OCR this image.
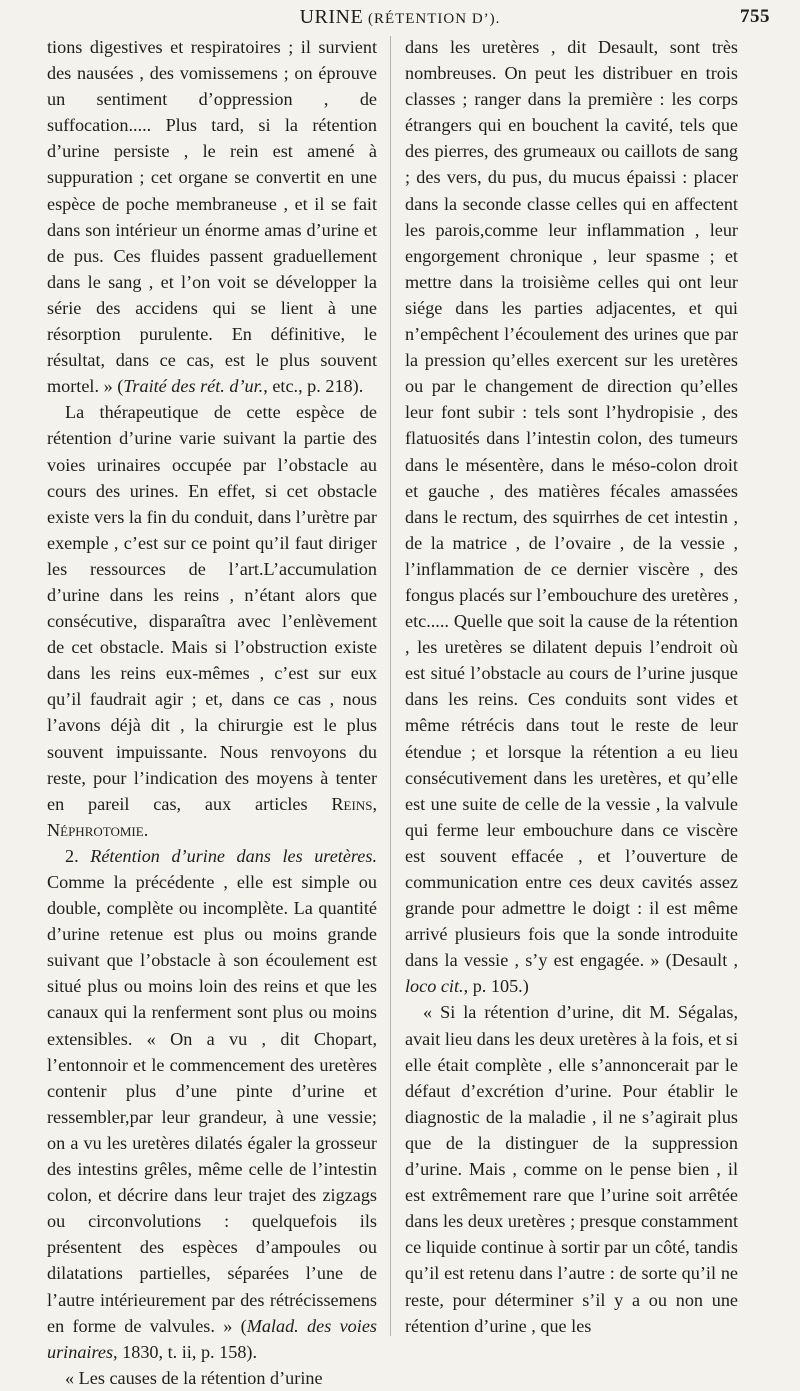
URINE (RÉTENTION D’).	755

tions digestives et respiratoires ; il survient des nausées , des vomissemens ; on éprouve un sentiment d’oppression , de suffocation..... Plus tard, si la rétention d’urine persiste , le rein est amené à suppuration ; cet organe se convertit en une espèce de poche membraneuse , et il se fait dans son intérieur un énorme amas d’urine et de pus. Ces fluides passent graduellement dans le sang , et l’on voit se développer la série des accidens qui se lient à une résorption purulente. En définitive, le résultat, dans ce cas, est le plus souvent mortel. » (Traité des rét. d’ur., etc., p. 218).

La thérapeutique de cette espèce de rétention d’urine varie suivant la partie des voies urinaires occupée par l’obstacle au cours des urines. En effet, si cet obstacle existe vers la fin du conduit, dans l’urètre par exemple , c’est sur ce point qu’il faut diriger les ressources de l’art.L’accumulation d’urine dans les reins , n’étant alors que consécutive, disparaîtra avec l’enlèvement de cet obstacle. Mais si l’obstruction existe dans les reins eux-mêmes , c’est sur eux qu’il faudrait agir ; et, dans ce cas , nous l’avons déjà dit , la chirurgie est le plus souvent impuissante. Nous renvoyons du reste, pour l’indication des moyens à tenter en pareil cas, aux articles Reins, Néphrotomie.

2. Rétention d’urine dans les uretères. Comme la précédente , elle est simple ou double, complète ou incomplète. La quantité d’urine retenue est plus ou moins grande suivant que l’obstacle à son écoulement est situé plus ou moins loin des reins et que les canaux qui la renferment sont plus ou moins extensibles. « On a vu , dit Chopart, l’entonnoir et le commencement des uretères contenir plus d’une pinte d’urine et ressembler,par leur grandeur, à une vessie; on a vu les uretères dilatés égaler la grosseur des intestins grêles, même celle de l’intestin colon, et décrire dans leur trajet des zigzags ou circonvolutions : quelquefois ils présentent des espèces d’ampoules ou dilatations partielles, séparées l’une de l’autre intérieurement par des rétrécissemens en forme de valvules. » (Malad. des voies urinaires, 1830, t. ii, p. 158).

« Les causes de la rétention d’urine

dans les uretères , dit Desault, sont très nombreuses. On peut les distribuer en trois classes ; ranger dans la première : les corps étrangers qui en bouchent la cavité, tels que des pierres, des grumeaux ou caillots de sang ; des vers, du pus, du mucus épaissi : placer dans la seconde classe celles qui en affectent les parois,comme leur inflammation , leur engorgement chronique , leur spasme ; et mettre dans la troisième celles qui ont leur siége dans les parties adjacentes, et qui n’empêchent l’écoulement des urines que par la pression qu’elles exercent sur les uretères ou par le changement de direction qu’elles leur font subir : tels sont l’hydropisie , des flatuosités dans l’intestin colon, des tumeurs dans le mésentère, dans le méso-colon droit et gauche , des matières fécales amassées dans le rectum, des squirrhes de cet intestin , de la matrice , de l’ovaire , de la vessie , l’inflammation de ce dernier viscère , des fongus placés sur l’embouchure des uretères , etc..... Quelle que soit la cause de la rétention , les uretères se dilatent depuis l’endroit où est situé l’obstacle au cours de l’urine jusque dans les reins. Ces conduits sont vides et même rétrécis dans tout le reste de leur étendue ; et lorsque la rétention a eu lieu consécutivement dans les uretères, et qu’elle est une suite de celle de la vessie , la valvule qui ferme leur embouchure dans ce viscère est souvent effacée , et l’ouverture de communication entre ces deux cavités assez grande pour admettre le doigt : il est même arrivé plusieurs fois que la sonde introduite dans la vessie , s’y est engagée. » (Desault , loco cit., p. 105.)

« Si la rétention d’urine, dit M. Ségalas, avait lieu dans les deux uretères à la fois, et si elle était complète , elle s’annoncerait par le défaut d’excrétion d’urine. Pour établir le diagnostic de la maladie , il ne s’agirait plus que de la distinguer de la suppression d’urine. Mais , comme on le pense bien , il est extrêmement rare que l’urine soit arrêtée dans les deux uretères ; presque constamment ce liquide continue à sortir par un côté, tandis qu’il est retenu dans l’autre : de sorte qu’il ne reste, pour déterminer s’il y a ou non une rétention d’urine , que les
